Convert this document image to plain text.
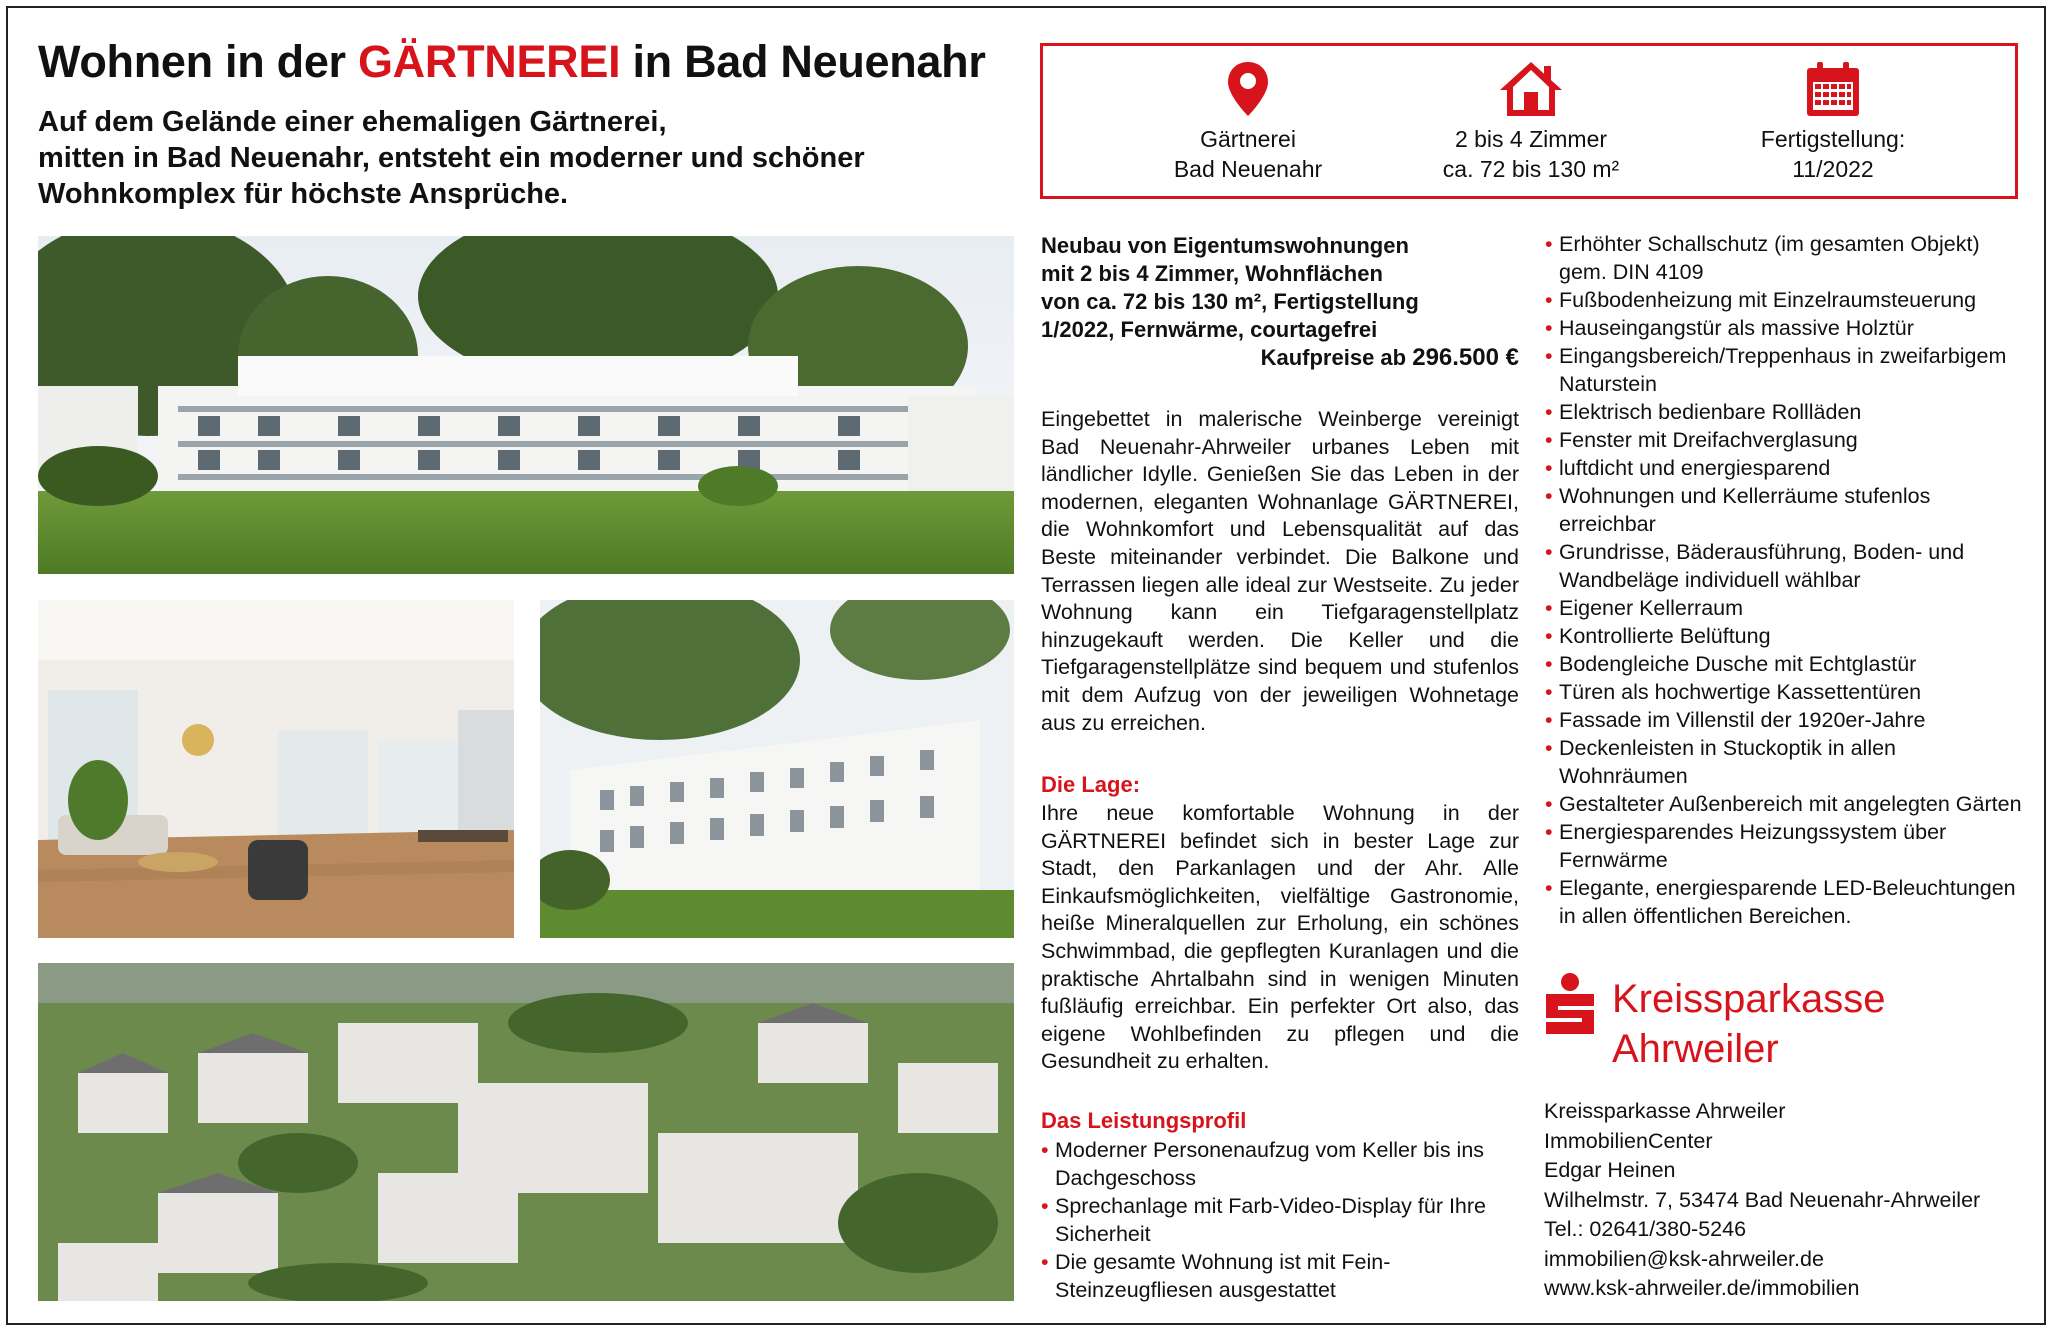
Wohnen in der GÄRTNEREI in Bad Neuenahr
Auf dem Gelände einer ehemaligen Gärtnerei,
mitten in Bad Neuenahr, entsteht ein moderner und schöner
Wohnkomplex für höchste Ansprüche.
Gärtnerei
Bad Neuenahr
2 bis 4 Zimmer
ca. 72 bis 130 m²
Fertigstellung:
11/2022
Neubau von Eigentumswohnungen
mit 2 bis 4 Zimmer, Wohnflächen
von ca. 72 bis 130 m², Fertigstellung
1/2022, Fernwärme, courtagefrei
Kaufpreise ab 296.500 €
Eingebettet in malerische Weinberge vereinigt Bad Neuenahr-Ahrweiler urbanes Leben mit ländlicher Idylle. Genießen Sie das Leben in der modernen, eleganten Wohnanlage GÄRTNEREI, die Wohnkomfort und Lebensqualität auf das Beste miteinander verbindet. Die Balkone und Terrassen liegen alle ideal zur Westseite. Zu jeder Wohnung kann ein Tiefgaragenstellplatz hinzugekauft werden. Die Keller und die Tiefgaragenstellplätze sind bequem und stufenlos mit dem Aufzug von der jeweiligen Wohnetage aus zu erreichen.
Die Lage:
Ihre neue komfortable Wohnung in der GÄRTNEREI befindet sich in bester Lage zur Stadt, den Parkanlagen und der Ahr. Alle Einkaufsmöglichkeiten, vielfältige Gastronomie, heiße Mineralquellen zur Erholung, ein schönes Schwimmbad, die gepflegten Kuranlagen und die praktische Ahrtalbahn sind in wenigen Minuten fußläufig erreichbar. Ein perfekter Ort also, das eigene Wohlbefinden zu pflegen und die Gesundheit zu erhalten.
Das Leistungsprofil
• Moderner Personenaufzug vom Keller bis ins Dachgeschoss
• Sprechanlage mit Farb-Video-Display für Ihre Sicherheit
• Die gesamte Wohnung ist mit Fein-Steinzeugfliesen ausgestattet
• Erhöhter Schallschutz (im gesamten Objekt) gem. DIN 4109
• Fußbodenheizung mit Einzelraumsteuerung
• Hauseingangstür als massive Holztür
• Eingangsbereich/Treppenhaus in zweifarbigem Naturstein
• Elektrisch bedienbare Rollläden
• Fenster mit Dreifachverglasung
• luftdicht und energiesparend
• Wohnungen und Kellerräume stufenlos erreichbar
• Grundrisse, Bäderausführung, Boden- und Wandbeläge individuell wählbar
• Eigener Kellerraum
• Kontrollierte Belüftung
• Bodengleiche Dusche mit Echtglastür
• Türen als hochwertige Kassettentüren
• Fassade im Villenstil der 1920er-Jahre
• Deckenleisten in Stuckoptik in allen Wohnräumen
• Gestalteter Außenbereich mit angelegten Gärten
• Energiesparendes Heizungssystem über Fernwärme
• Elegante, energiesparende LED-Beleuchtungen in allen öffentlichen Bereichen.
Kreissparkasse
Ahrweiler
Kreissparkasse Ahrweiler
ImmobilienCenter
Edgar Heinen
Wilhelmstr. 7, 53474 Bad Neuenahr-Ahrweiler
Tel.: 02641/380-5246
immobilien@ksk-ahrweiler.de
www.ksk-ahrweiler.de/immobilien
